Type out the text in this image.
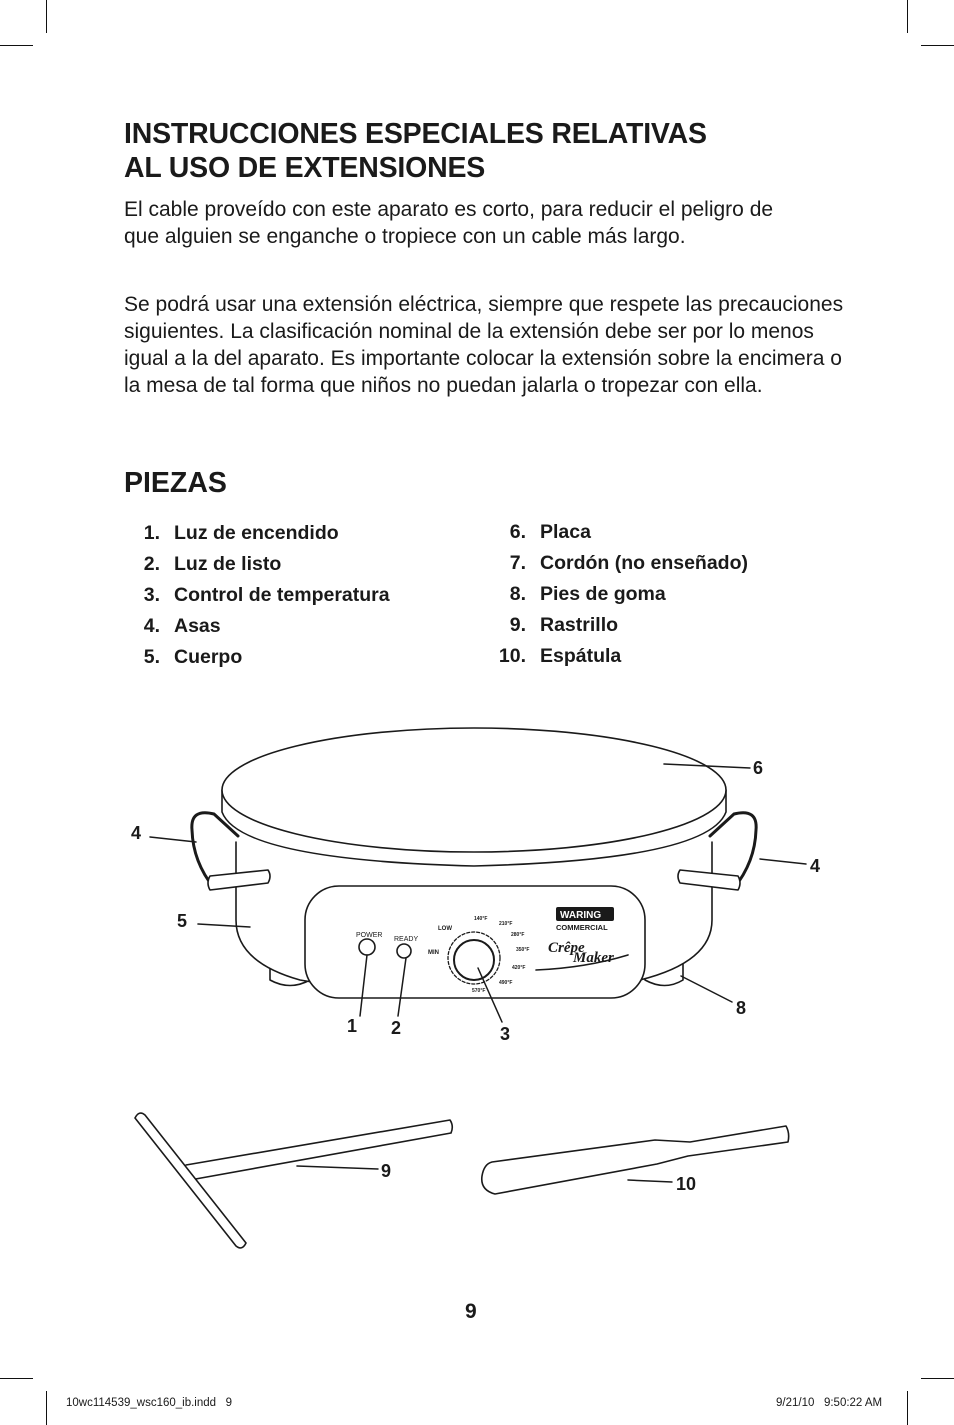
INSTRUCCIONES ESPECIALES RELATIVAS
AL USO DE EXTENSIONES

El cable proveído con este aparato es corto, para reducir el peligro de que alguien se enganche o tropiece con un cable más largo.

Se podrá usar una extensión eléctrica, siempre que respete las precauciones siguientes. La clasificación nominal de la extensión debe ser por lo menos igual a la del aparato. Es importante colocar la extensión sobre la encimera o la mesa de tal forma que niños no puedan jalarla o tropezar con ella.

PIEZAS
1. Luz de encendido
2. Luz de listo
3. Control de temperatura
4. Asas
5. Cuerpo
6. Placa
7. Cordón (no enseñado)
8. Pies de goma
9. Rastrillo
10. Espátula
POWER
READY
LOW
MIN
140°F
210°F
280°F
350°F
420°F
490°F
570°F
WARING
COMMERCIAL
Crêpe
Maker
1 2	3
4
4
5
6
8
9
10
9
10wc114539_wsc160_ib.indd   9	9/21/10   9:50:22 AM
